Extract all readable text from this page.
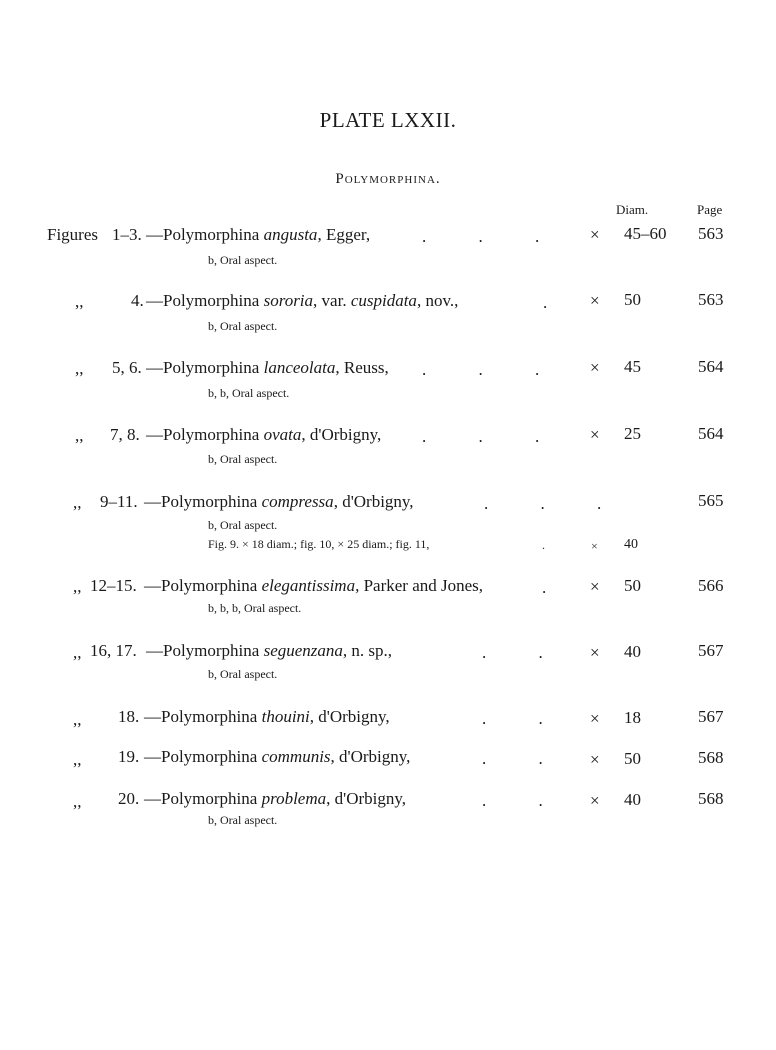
PLATE LXXII.
Polymorphina.
Diam.	Page
Figures 1–3. —Polymorphina angusta, Egger,	. . .	× 45–60 563
b, Oral aspect.
,,	4. —Polymorphina sororia, var. cuspidata, nov.,	.	× 50	563
b, Oral aspect.
,, 5, 6. —Polymorphina lanceolata, Reuss, . . .	× 45	564
b, b, Oral aspect.
,, 7, 8. —Polymorphina ovata, d'Orbigny, . . .	× 25	564
b, Oral aspect.
,, 9–11. —Polymorphina compressa, d'Orbigny,	. . .	565
b, Oral aspect.
Fig. 9. × 18 diam.; fig. 10, × 25 diam.; fig. 11,	.	× 40
,, 12–15. —Polymorphina elegantissima, Parker and Jones,	.	× 50	566
b, b, b, Oral aspect.
,, 16, 17. —Polymorphina seguenzana, n. sp.,	. .	× 40	567
b, Oral aspect.
,, 18. —Polymorphina thouini, d'Orbigny,	. .	× 18	567
,, 19. —Polymorphina communis, d'Orbigny,	. .	× 50	568
,, 20. —Polymorphina problema, d'Orbigny,	. .	× 40	568
b, Oral aspect.
